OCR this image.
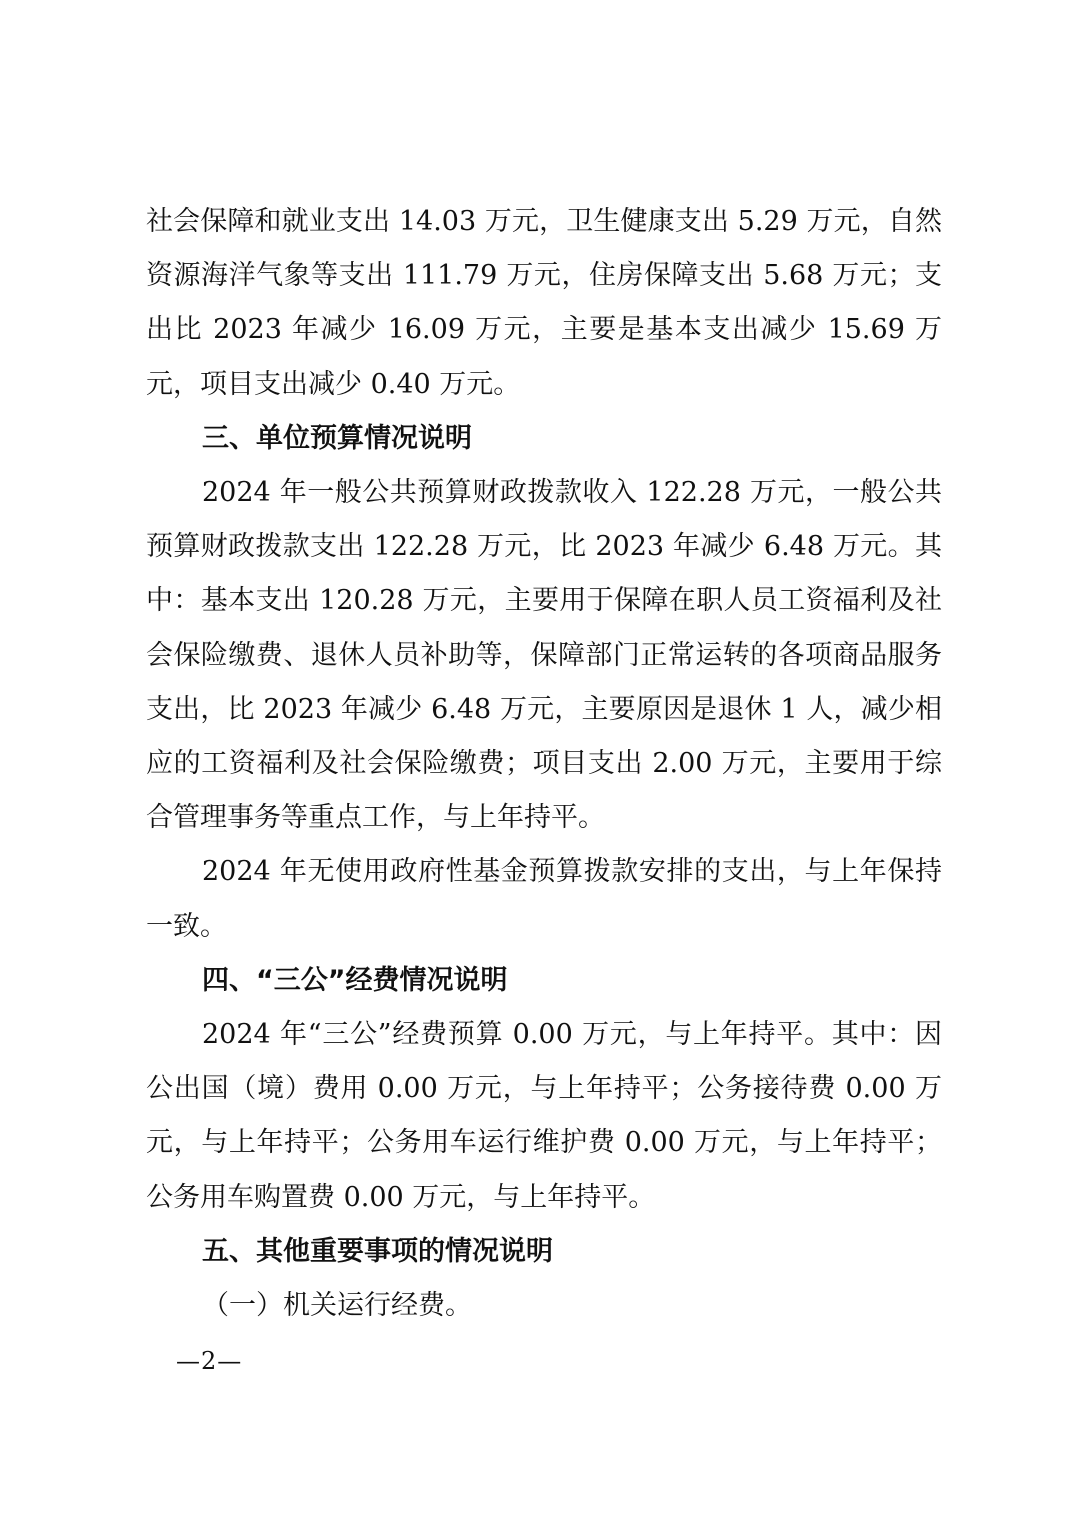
社会保障和就业支出 14.03 万元，卫生健康支出 5.29 万元，自然资源海洋气象等支出 111.79 万元，住房保障支出 5.68 万元；支出比 2023 年减少 16.09 万元，主要是基本支出减少 15.69 万元，项目支出减少 0.40 万元。

三、单位预算情况说明

2024 年一般公共预算财政拨款收入 122.28 万元，一般公共预算财政拨款支出 122.28 万元，比 2023 年减少 6.48 万元。其中：基本支出 120.28 万元，主要用于保障在职人员工资福利及社会保险缴费、退休人员补助等，保障部门正常运转的各项商品服务支出，比 2023 年减少 6.48 万元，主要原因是退休 1 人，减少相应的工资福利及社会保险缴费；项目支出 2.00 万元，主要用于综合管理事务等重点工作，与上年持平。

2024 年无使用政府性基金预算拨款安排的支出，与上年保持一致。

四、“三公”经费情况说明

2024 年“三公”经费预算 0.00 万元，与上年持平。其中：因公出国（境）费用 0.00 万元，与上年持平；公务接待费 0.00 万元，与上年持平；公务用车运行维护费 0.00 万元，与上年持平；公务用车购置费 0.00 万元，与上年持平。

五、其他重要事项的情况说明

（一）机关运行经费。

—2—
